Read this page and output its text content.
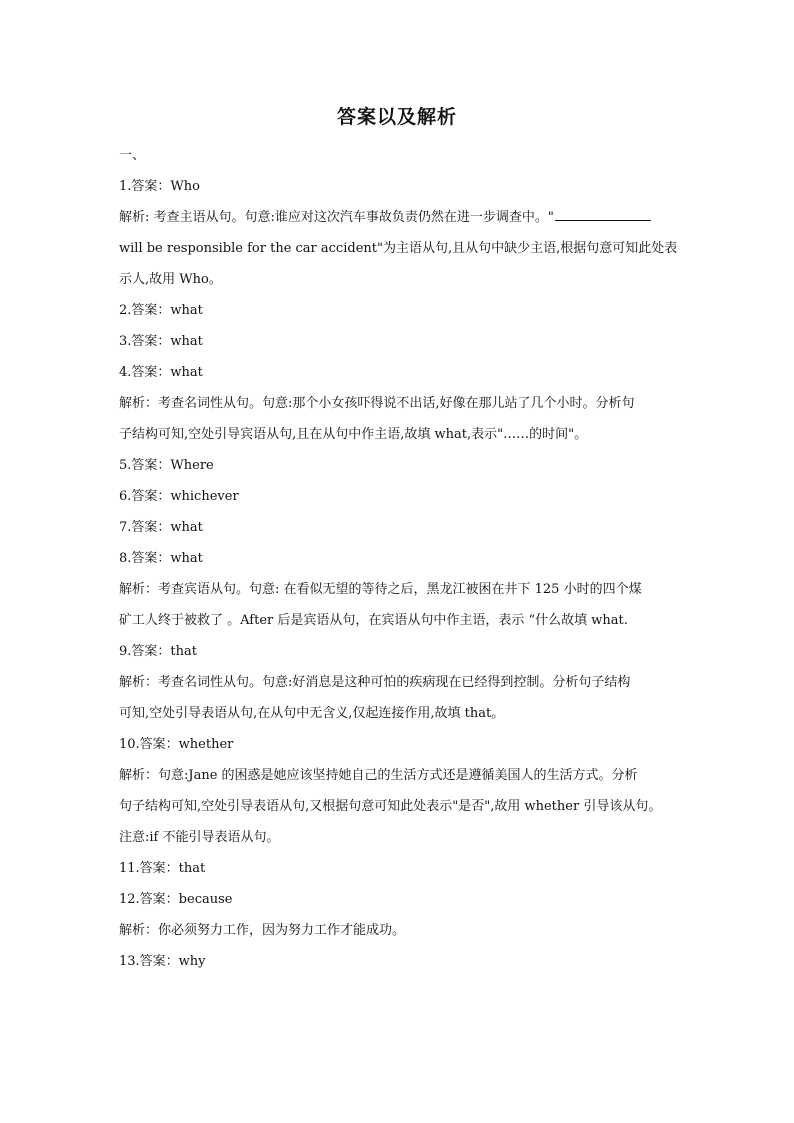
答案以及解析
一、
1.答案：Who
解析: 考查主语从句。句意:谁应对这次汽车事故负责仍然在进一步调查中。"
will be responsible for the car accident"为主语从句,且从句中缺少主语,根据句意可知此处表
示人,故用 Who。
2.答案：what
3.答案：what
4.答案：what
解析：考查名词性从句。句意:那个小女孩吓得说不出话,好像在那儿站了几个小时。分析句
子结构可知,空处引导宾语从句,且在从句中作主语,故填 what,表示"……的时间"。
5.答案：Where
6.答案：whichever
7.答案：what
8.答案：what
解析：考查宾语从句。句意: 在看似无望的等待之后，黑龙江被困在井下 125 小时的四个煤
矿工人终于被救了 。After 后是宾语从句，在宾语从句中作主语，表示 “什么故填 what.
9.答案：that
解析：考查名词性从句。句意:好消息是这种可怕的疾病现在已经得到控制。分析句子结构
可知,空处引导表语从句,在从句中无含义,仅起连接作用,故填 that。
10.答案：whether
解析：句意:Jane 的困惑是她应该坚持她自己的生活方式还是遵循美国人的生活方式。分析
句子结构可知,空处引导表语从句,又根据句意可知此处表示"是否",故用 whether 引导该从句。
注意:if 不能引导表语从句。
11.答案：that
12.答案：because
解析：你必须努力工作，因为努力工作才能成功。
13.答案：why
